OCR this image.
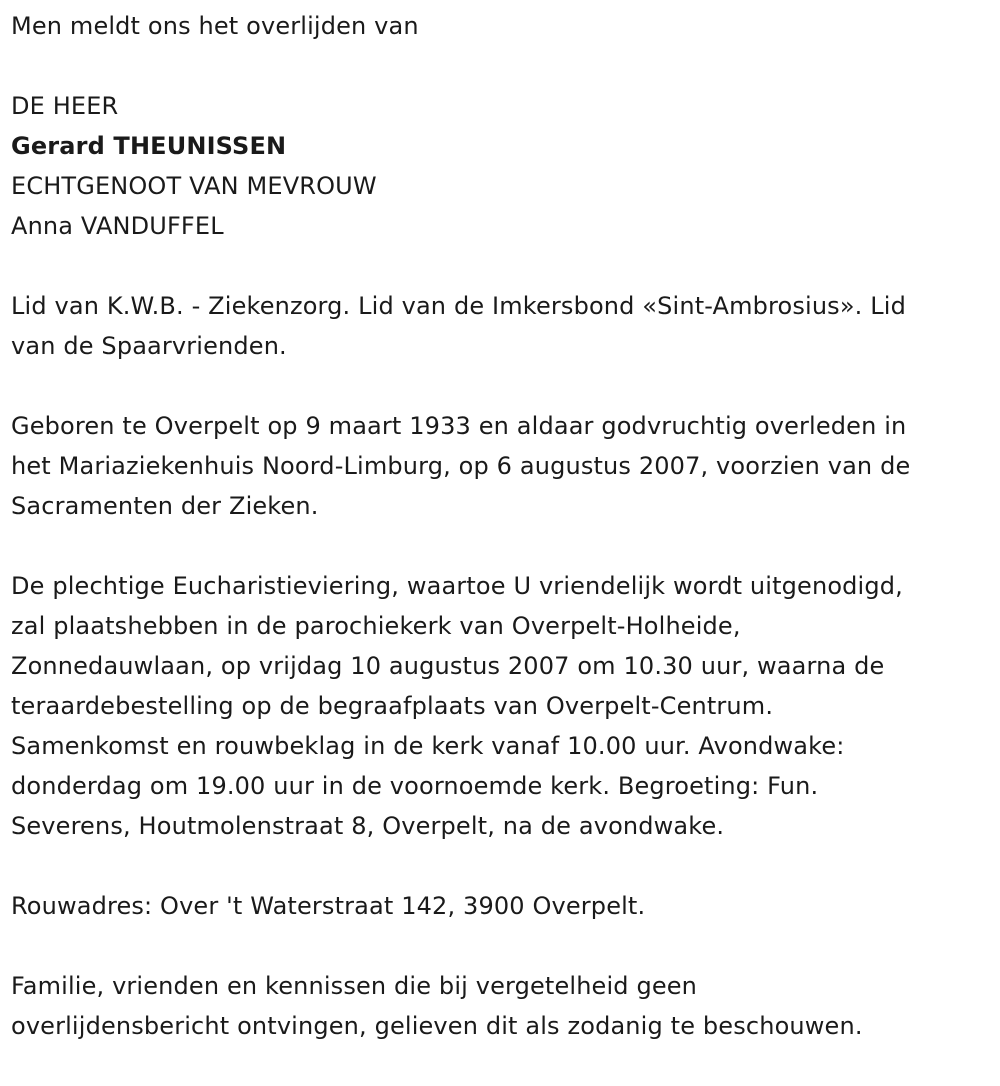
Men meldt ons het overlijden van
DE HEER
Gerard THEUNISSEN
ECHTGENOOT VAN MEVROUW
Anna VANDUFFEL
Lid van K.W.B. - Ziekenzorg. Lid van de Imkersbond «Sint-Ambrosius». Lid
van de Spaarvrienden.
Geboren te Overpelt op 9 maart 1933 en aldaar godvruchtig overleden in
het Mariaziekenhuis Noord-Limburg, op 6 augustus 2007, voorzien van de
Sacramenten der Zieken.
De plechtige Eucharistieviering, waartoe U vriendelijk wordt uitgenodigd,
zal plaatshebben in de parochiekerk van Overpelt-Holheide,
Zonnedauwlaan, op vrijdag 10 augustus 2007 om 10.30 uur, waarna de
teraardebestelling op de begraafplaats van Overpelt-Centrum.
Samenkomst en rouwbeklag in de kerk vanaf 10.00 uur. Avondwake:
donderdag om 19.00 uur in de voornoemde kerk. Begroeting: Fun.
Severens, Houtmolenstraat 8, Overpelt, na de avondwake.
Rouwadres: Over 't Waterstraat 142, 3900 Overpelt.
Familie, vrienden en kennissen die bij vergetelheid geen
overlijdensbericht ontvingen, gelieven dit als zodanig te beschouwen.
